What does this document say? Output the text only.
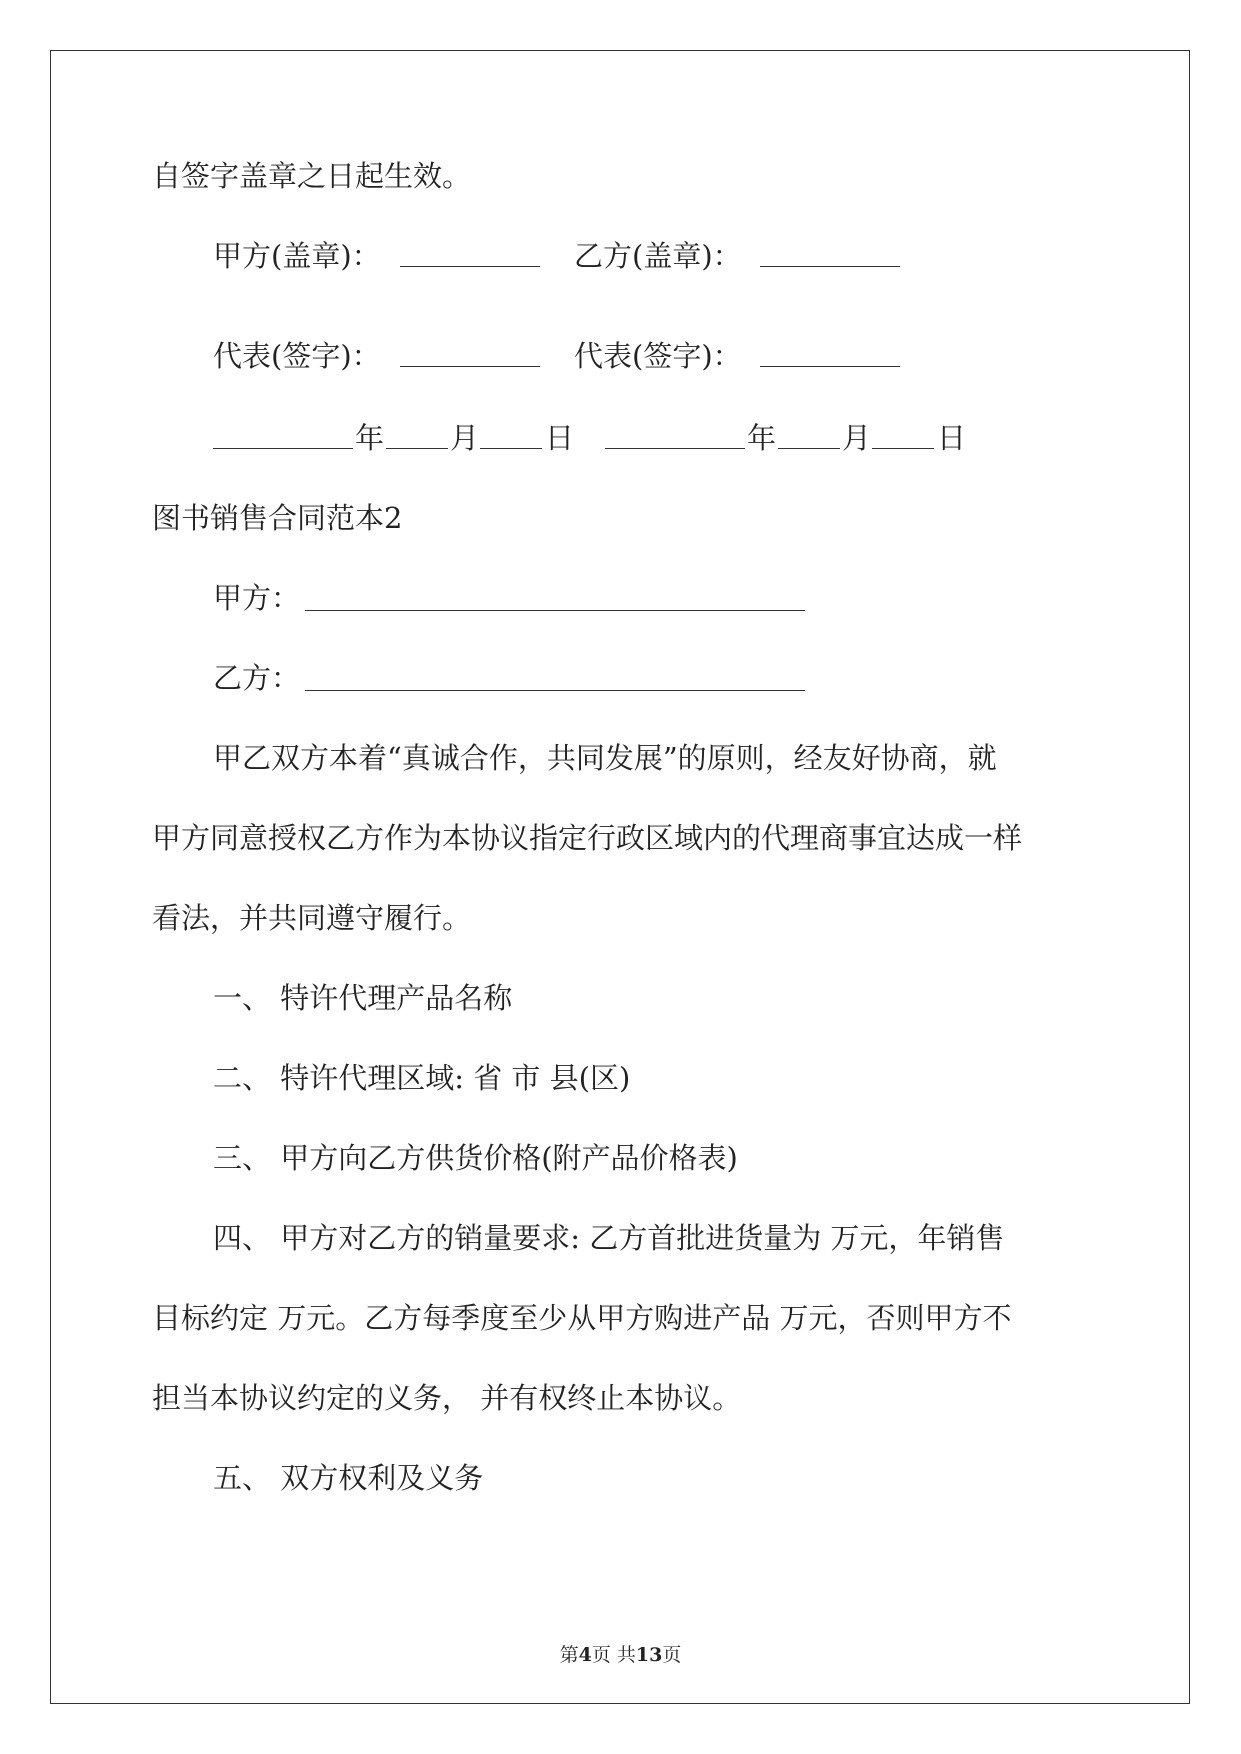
自签字盖章之日起生效。
甲方(盖章)：	乙方(盖章)：
代表(签字)：	代表(签字)：
年 月 日	年 月 日
图书销售合同范本2
甲方：
乙方：
甲乙双方本着“真诚合作，共同发展”的原则，经友好协商，就
甲方同意授权乙方作为本协议指定行政区域内的代理商事宜达成一样
看法，并共同遵守履行。
一、 特许代理产品名称
二、 特许代理区域: 省 市 县(区)
三、 甲方向乙方供货价格(附产品价格表)
四、 甲方对乙方的销量要求: 乙方首批进货量为 万元，年销售
目标约定 万元。乙方每季度至少从甲方购进产品 万元，否则甲方不
担当本协议约定的义务， 并有权终止本协议。
五、 双方权利及义务
第4页 共13页
